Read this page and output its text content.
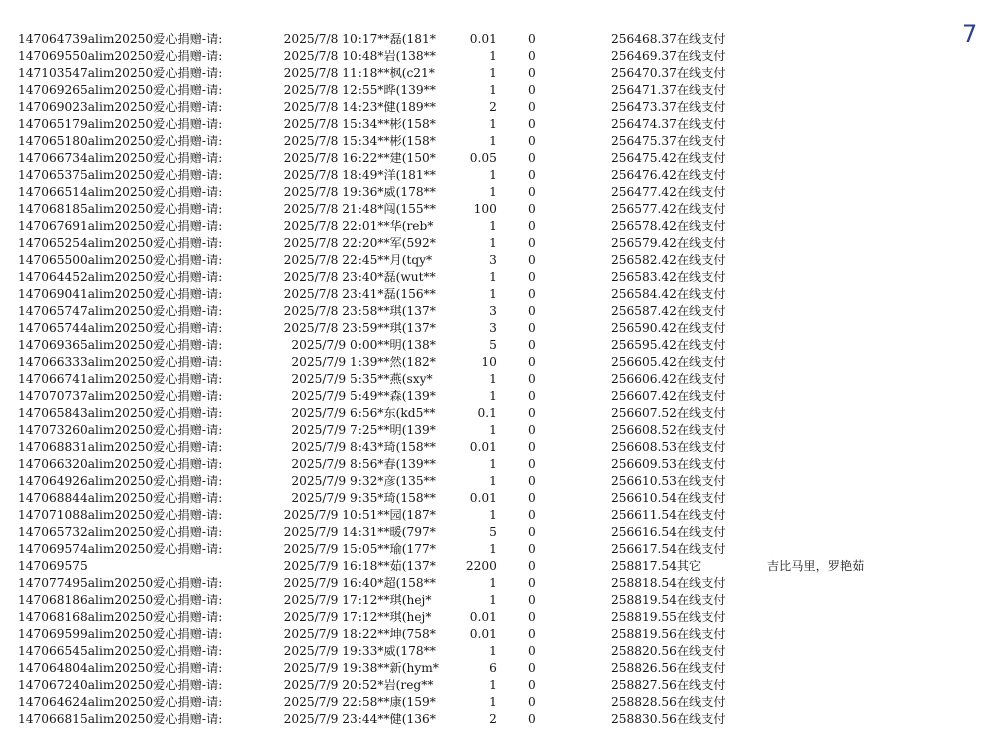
7
147064739alim20250爱心捐赠-请:	2025/7/8 10:17	**磊(181*	0.01	0	256468.37	在线支付	
147069550alim20250爱心捐赠-请:	2025/7/8 10:48	*岩(138**	1	0	256469.37	在线支付	
147103547alim20250爱心捐赠-请:	2025/7/8 11:18	**枫(c21*	1	0	256470.37	在线支付	
147069265alim20250爱心捐赠-请:	2025/7/8 12:55	*晔(139**	1	0	256471.37	在线支付	
147069023alim20250爱心捐赠-请:	2025/7/8 14:23	*健(189**	2	0	256473.37	在线支付	
147065179alim20250爱心捐赠-请:	2025/7/8 15:34	**彬(158*	1	0	256474.37	在线支付	
147065180alim20250爱心捐赠-请:	2025/7/8 15:34	**彬(158*	1	0	256475.37	在线支付	
147066734alim20250爱心捐赠-请:	2025/7/8 16:22	**建(150*	0.05	0	256475.42	在线支付	
147065375alim20250爱心捐赠-请:	2025/7/8 18:49	*洋(181**	1	0	256476.42	在线支付	
147066514alim20250爱心捐赠-请:	2025/7/8 19:36	*威(178**	1	0	256477.42	在线支付	
147068185alim20250爱心捐赠-请:	2025/7/8 21:48	*闯(155**	100	0	256577.42	在线支付	
147067691alim20250爱心捐赠-请:	2025/7/8 22:01	**华(reb*	1	0	256578.42	在线支付	
147065254alim20250爱心捐赠-请:	2025/7/8 22:20	**军(592*	1	0	256579.42	在线支付	
147065500alim20250爱心捐赠-请:	2025/7/8 22:45	**月(tqy*	3	0	256582.42	在线支付	
147064452alim20250爱心捐赠-请:	2025/7/8 23:40	*磊(wut**	1	0	256583.42	在线支付	
147069041alim20250爱心捐赠-请:	2025/7/8 23:41	*磊(156**	1	0	256584.42	在线支付	
147065747alim20250爱心捐赠-请:	2025/7/8 23:58	**琪(137*	3	0	256587.42	在线支付	
147065744alim20250爱心捐赠-请:	2025/7/8 23:59	**琪(137*	3	0	256590.42	在线支付	
147069365alim20250爱心捐赠-请:	2025/7/9 0:00	**明(138*	5	0	256595.42	在线支付	
147066333alim20250爱心捐赠-请:	2025/7/9 1:39	**然(182*	10	0	256605.42	在线支付	
147066741alim20250爱心捐赠-请:	2025/7/9 5:35	**燕(sxy*	1	0	256606.42	在线支付	
147070737alim20250爱心捐赠-请:	2025/7/9 5:49	**森(139*	1	0	256607.42	在线支付	
147065843alim20250爱心捐赠-请:	2025/7/9 6:56	*东(kd5**	0.1	0	256607.52	在线支付	
147073260alim20250爱心捐赠-请:	2025/7/9 7:25	**明(139*	1	0	256608.52	在线支付	
147068831alim20250爱心捐赠-请:	2025/7/9 8:43	*琦(158**	0.01	0	256608.53	在线支付	
147066320alim20250爱心捐赠-请:	2025/7/9 8:56	*春(139**	1	0	256609.53	在线支付	
147064926alim20250爱心捐赠-请:	2025/7/9 9:32	*彦(135**	1	0	256610.53	在线支付	
147068844alim20250爱心捐赠-请:	2025/7/9 9:35	*琦(158**	0.01	0	256610.54	在线支付	
147071088alim20250爱心捐赠-请:	2025/7/9 10:51	**园(187*	1	0	256611.54	在线支付	
147065732alim20250爱心捐赠-请:	2025/7/9 14:31	**暖(797*	5	0	256616.54	在线支付	
147069574alim20250爱心捐赠-请:	2025/7/9 15:05	**瑜(177*	1	0	256617.54	在线支付	
147069575	2025/7/9 16:18	**茹(137*	2200	0	258817.54	其它	吉比马里，罗艳茹
147077495alim20250爱心捐赠-请:	2025/7/9 16:40	*超(158**	1	0	258818.54	在线支付	
147068186alim20250爱心捐赠-请:	2025/7/9 17:12	**琪(hej*	1	0	258819.54	在线支付	
147068168alim20250爱心捐赠-请:	2025/7/9 17:12	**琪(hej*	0.01	0	258819.55	在线支付	
147069599alim20250爱心捐赠-请:	2025/7/9 18:22	**坤(758*	0.01	0	258819.56	在线支付	
147066545alim20250爱心捐赠-请:	2025/7/9 19:33	*威(178**	1	0	258820.56	在线支付	
147064804alim20250爱心捐赠-请:	2025/7/9 19:38	**新(hym*	6	0	258826.56	在线支付	
147067240alim20250爱心捐赠-请:	2025/7/9 20:52	*岩(reg**	1	0	258827.56	在线支付	
147064624alim20250爱心捐赠-请:	2025/7/9 22:58	**康(159*	1	0	258828.56	在线支付	
147066815alim20250爱心捐赠-请:	2025/7/9 23:44	**健(136*	2	0	258830.56	在线支付	
